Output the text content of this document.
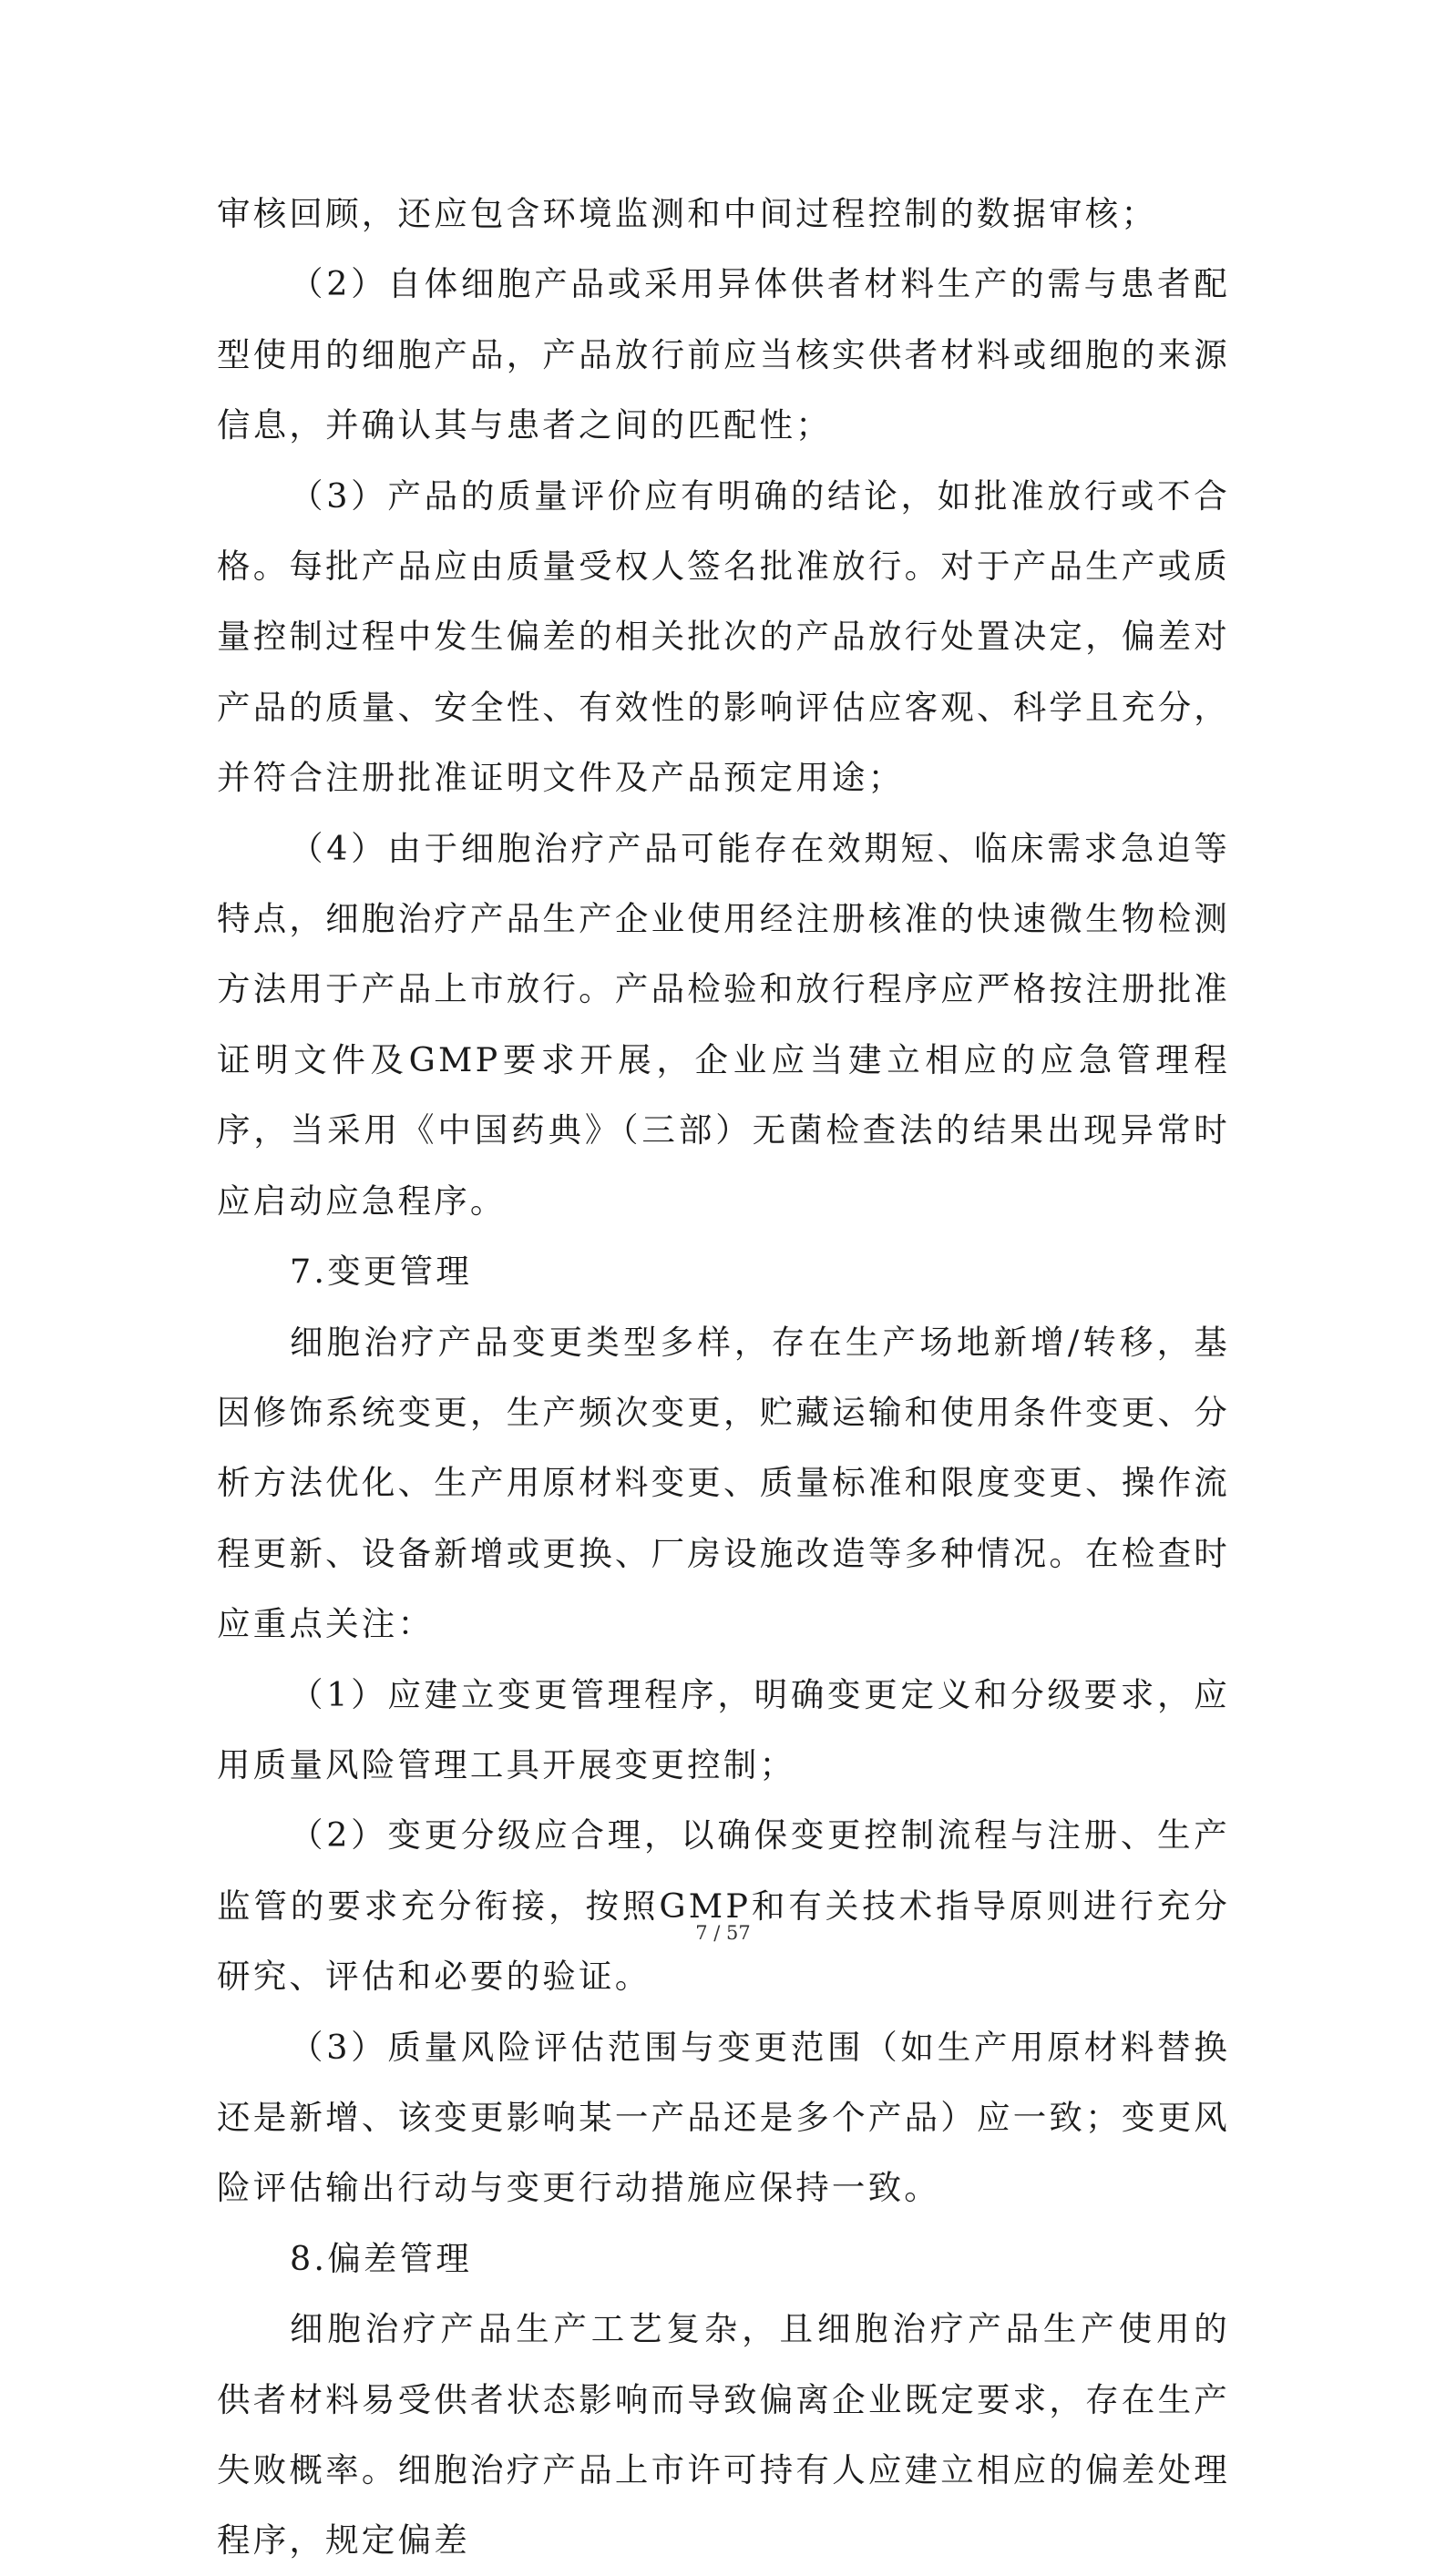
审核回顾，还应包含环境监测和中间过程控制的数据审核；

（2）自体细胞产品或采用异体供者材料生产的需与患者配型使用的细胞产品，产品放行前应当核实供者材料或细胞的来源信息，并确认其与患者之间的匹配性；

（3）产品的质量评价应有明确的结论，如批准放行或不合格。每批产品应由质量受权人签名批准放行。对于产品生产或质量控制过程中发生偏差的相关批次的产品放行处置决定，偏差对产品的质量、安全性、有效性的影响评估应客观、科学且充分，并符合注册批准证明文件及产品预定用途；

（4）由于细胞治疗产品可能存在效期短、临床需求急迫等特点，细胞治疗产品生产企业使用经注册核准的快速微生物检测方法用于产品上市放行。产品检验和放行程序应严格按注册批准证明文件及GMP要求开展，企业应当建立相应的应急管理程序，当采用《中国药典》（三部）无菌检查法的结果出现异常时应启动应急程序。

7.变更管理

细胞治疗产品变更类型多样，存在生产场地新增/转移，基因修饰系统变更，生产频次变更，贮藏运输和使用条件变更、分析方法优化、生产用原材料变更、质量标准和限度变更、操作流程更新、设备新增或更换、厂房设施改造等多种情况。在检查时应重点关注：

（1）应建立变更管理程序，明确变更定义和分级要求，应用质量风险管理工具开展变更控制；

（2）变更分级应合理，以确保变更控制流程与注册、生产监管的要求充分衔接，按照GMP和有关技术指导原则进行充分研究、评估和必要的验证。

（3）质量风险评估范围与变更范围（如生产用原材料替换还是新增、该变更影响某一产品还是多个产品）应一致；变更风险评估输出行动与变更行动措施应保持一致。

8.偏差管理

细胞治疗产品生产工艺复杂，且细胞治疗产品生产使用的供者材料易受供者状态影响而导致偏离企业既定要求，存在生产失败概率。细胞治疗产品上市许可持有人应建立相应的偏差处理程序，规定偏差

7 / 57
